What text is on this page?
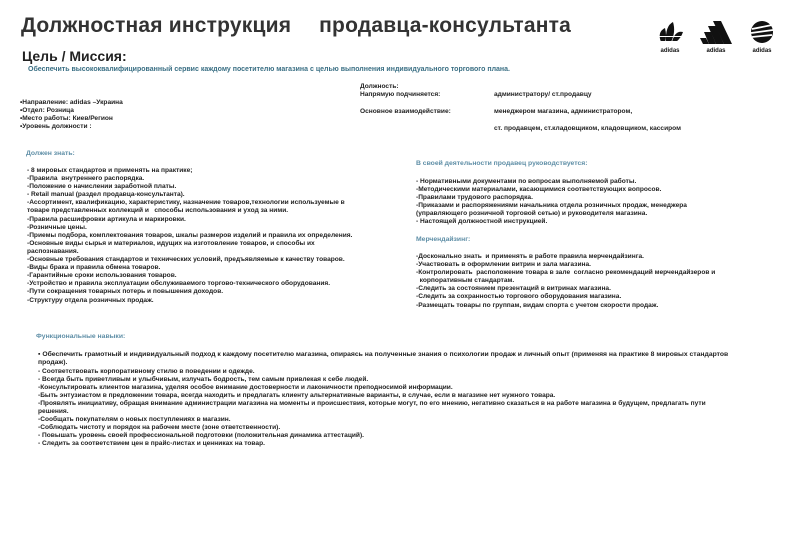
Должностная инструкция продавца-консультанта
adidas	adidas	adidas
Цель / Миссия:
Обеспечить высококвалифицированный сервис каждому посетителю магазина с целью выполнения индивидуального торгового плана.
•Направление: adidas –Украина
•Отдел: Розница
•Место работы: Киев/Регион
•Уровень должности :
Должность:
Напрямую подчиняется:	администратору/ ст.продавцу
Основное взаимодействие:	менеджером магазина, администратором,
ст. продавцем, ст.кладовщиком, кладовщиком, кассиром
Должен знать:
- 8 мировых стандартов и применять на практике;
-Правила  внутреннего распорядка.
-Положение о начислении заработной платы.
- Retail manual (раздел продавца-консультанта).
-Ассортимент, квалификацию, характеристику, назначение товаров,технологии используемые в
товаре представленных коллекций и   способы использования и уход за ними.
-Правила расшифровки артикула и маркировки.
-Розничные цены.
-Приемы подбора, комплектования товаров, шкалы размеров изделий и правила их определения.
-Основные виды сырья и материалов, идущих на изготовление товаров, и способы их
распознавания.
-Основные требования стандартов и технических условий, предъявляемые к качеству товаров.
-Виды брака и правила обмена товаров.
-Гарантийные сроки использования товаров.
-Устройство и правила эксплуатации обслуживаемого торгово-технического оборудования.
-Пути сокращения товарных потерь и повышения доходов.
-Структуру отдела розничных продаж.
В своей деятельности продавец руководствуется:
- Нормативными документами по вопросам выполняемой работы.
-Методическими материалами, касающимися соответствующих вопросов.
-Правилами трудового распорядка.
-Приказами и распоряжениями начальника отдела розничных продаж, менеджера
(управляющего розничной торговой сетью) и руководителя магазина.
- Настоящей должностной инструкцией.
Мерчендайзинг:
-Досконально знать  и применять в работе правила мерчендайзинга.
-Участвовать в оформлении витрин и зала магазина.
-Контролировать  расположение товара в зале  согласно рекомендаций мерчендайзеров и
корпоративным стандартам.
-Следить за состоянием презентаций в витринах магазина.
-Следить за сохранностью торгового оборудования магазина.
-Размещать товары по группам, видам спорта с учетом скорости продаж.
Функциональные навыки:
▪ Обеспечить грамотный и индивидуальный подход к каждому посетителю магазина, опираясь на полученные знания о психологии продаж и личный опыт (применяя на практике 8 мировых стандартов продаж).
- Соответствовать корпоративному стилю в поведении и одежде.
- Всегда быть приветливым и улыбчивым, излучать бодрость, тем самым привлекая к себе людей.
-Консультировать клиентов магазина, уделяя особое внимание достоверности и лаконичности преподносимой информации.
-Быть энтузиастом в предложении товара, всегда находить и предлагать клиенту альтернативные варианты, в случае, если в магазине нет нужного товара.
-Проявлять инициативу, обращая внимание администрации магазина на моменты и происшествия, которые могут, по его мнению, негативно сказаться в на работе магазина в будущем, предлагать пути решения.
-Сообщать покупателям о новых поступлениях в магазин.
-Соблюдать чистоту и порядок на рабочем месте (зоне ответственности).
- Повышать уровень своей профессиональной подготовки (положительная динамика аттестаций).
- Следить за соответствием цен в прайс-листах и ценниках на товар.
